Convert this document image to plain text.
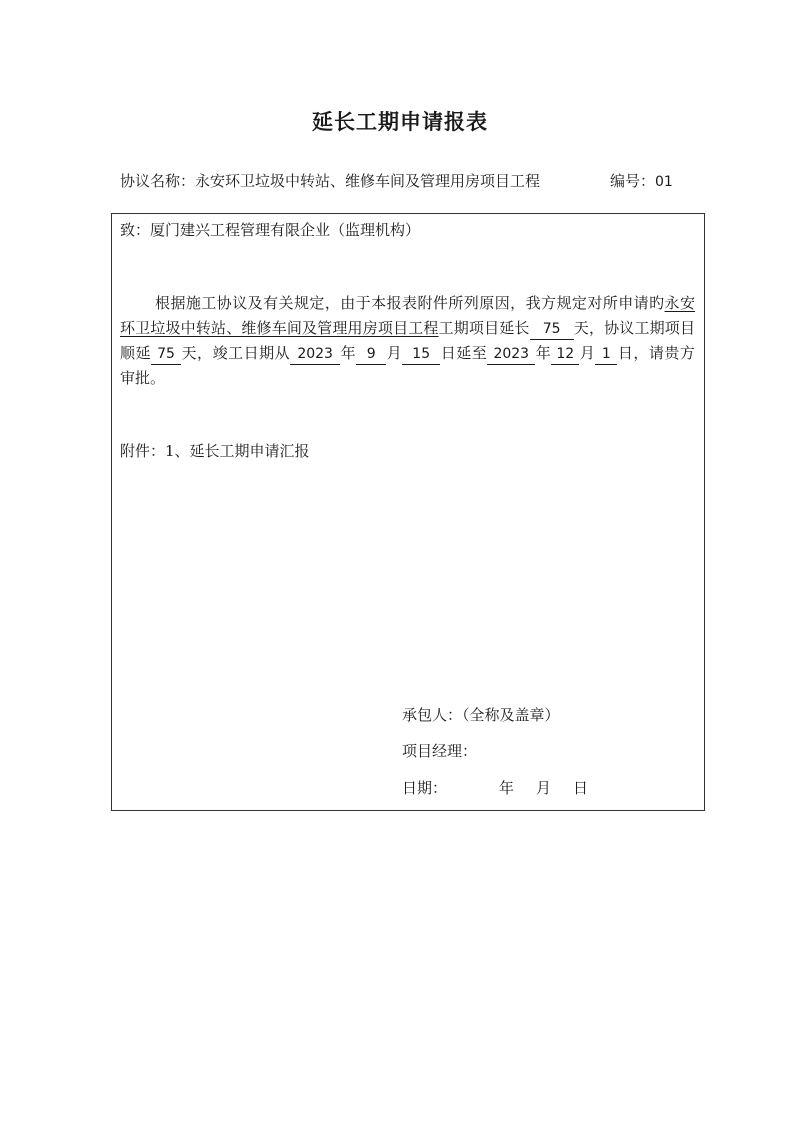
延长工期申请报表
协议名称：永安环卫垃圾中转站、维修车间及管理用房项目工程	编号：01
致：厦门建兴工程管理有限企业（监理机构）
根据施工协议及有关规定，由于本报表附件所列原因，我方规定对所申请旳永安环卫垃圾中转站、维修车间及管理用房项目工程工期项目延长 75 天，协议工期项目顺延 75 天，竣工日期从 2023 年 9 月 15 日延至 2023 年 12 月 1 日，请贵方审批。
附件：1、延长工期申请汇报
承包人：（全称及盖章）
项目经理：
日期：	年 月 日
